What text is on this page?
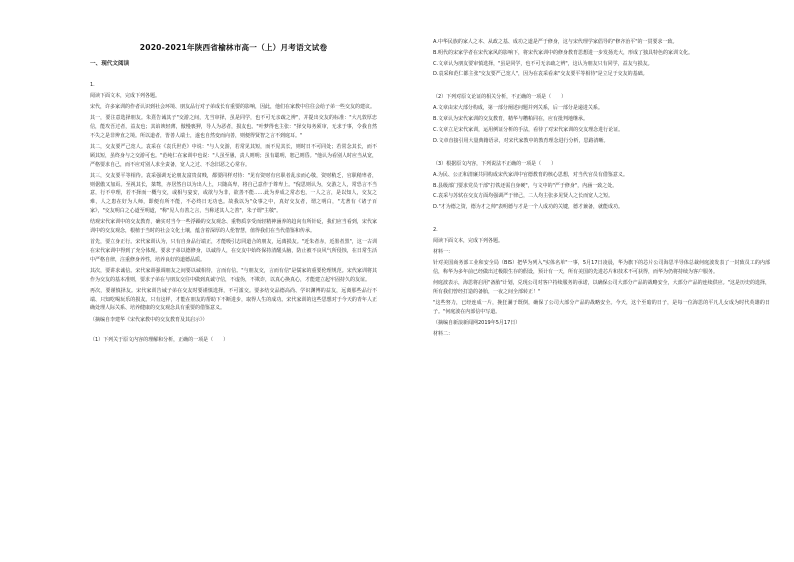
2020-2021年陕西省榆林市高一（上）月考语文试卷
一、现代文阅读

1.

阅读下面文本，完成下列各题。

宋代，许多家训的作者认识到社会环境、朋友品行对子弟成长有重要的影响，因此，他们在家教中往往会给子弟一些交友的建议。

其一，要注意选择朋友。朱熹告诫其子"交游之间，尤当审择，虽是同学，也不可无亲疏之辨"，并提出交友的标准："大凡敦厚忠信，能攻吾过者，益友也；其谄谀轻薄，傲慢亵狎，导人为恶者，损友也。"叶梦得也主张："择交每务须审，无求于事，令我自然不失之是非辨直之境。所以道者，皆善人端士，遂也自然变而向善，则便得贤智之言不到庭耳。"

其二，交友要严己宽人。袁采在《袁氏世范》中说："与人交游，若常见其短，而不见其长，则时日不可同处；若常念其长，而不顾其短，虽终身与之交游可也。"范纯仁在家训中也说："人虽至愚，责人则明；虽有聪明，恕己则昏。"他认为看别人时应当从宽，严格要求自己，而不应对别人求全责备，宽人之过、不念旧恶之心常存。

其三，交友要平等相待。袁采强调无论朋友富贵贫贱，都要同样对待："见有资财有官职者乱亲而心敬，资财稍乏，官职稍卑者，则倨傲又加焉。至视其长，桀骜，亦居然自以为出人上，只随高卑，将自己意作于尊卑上。"倪思则认为，交游之人，常恐言不当意，行不中理，若不择而一概与交，或相与宴安，或欲与为非，欲善不能……此为养成之常态也，一人之言，是以知人，交友之难，人之患在好为人师，即便有所不能，不必终日无功也。故我以为"众事之中，真好交友者，谓之明白，"尤著有《诸子百家》，"交友明白之心道至明道，"称"见人有善之言，当称述其人之善"，朱子谓"主敬"。

结观宋代家训中的交友教育，确实对当今一些浮躁的交友观念、重物质享受而轻精神涵养的趋向有所针砭，我们应当看到，宋代家训中的交友观念，根植于当时的社会文化土壤，蕴含着深厚的人伦智慧，值得我们在当代借鉴和传承。

首先，要立身正行。宋代家训认为，只有自身品行端正，才能吸引志同道合的朋友，远离损友。"近朱者赤，近墨者黑"，这一古训在宋代家训中得到了充分体现。要求子弟以德修身，以诚待人，在交友中始终保持清醒头脑，防止被不良风气所侵蚀，在日常生活中严格自律，注重修身养性，培养良好的道德品质。

其次，要讲求诚信。宋代家训强调朋友之间要以诚相待，言而有信。"与朋友交，言而有信"是儒家的重要伦理规范。宋代家训将其作为交友的基本准则，要求子弟在与朋友交往中做到真诚守信，不虚伪，不欺诈，以真心换真心，才能建立起牢固持久的友谊。

再次，要谨慎择友。宋代家训告诫子弟在交友时要谨慎选择，不可滥交。要多结交品德高尚、学识渊博的益友，远离那些品行不端、只知吃喝玩乐的损友。只有这样，才能在朋友的帮助下不断进步，取得人生的成功。宋代家训的这些思想对于今天的青年人正确处理人际关系、培养健康的交友观念具有重要的借鉴意义。

（摘编自李建华《宋代家教中的交友教育及其启示》）

（1）下列关于原文内容的理解和分析，正确的一项是（　　）

A.中华民族的家人之本、从政之基、成功之道是严于修身，这与宋代理学家倡导的"修齐治平"的一贯要求一致。

B.明代的宋家学者在宋代家风的影响下，将宋代家训中的修身教育思想进一步发扬光大，形成了独具特色的家训文化。

C.文章认为朋友要审慎选择，"虽是同学，也不可无亲疏之辨"，这认为朋友只有同学，益友与损友。

D.袁采和范仁都主张"交友要严己宽人"，因为在袁采看来"交友要平等相待"是立足于交友的基础。

（2）下列对原文论证的相关分析，不正确的一项是（　　）

A.文章由宋大部分构成，第一部分阐述问题并列关系，后一部分是递进关系。

B.文章认为宋代家训的交友教育，精华与糟粕同在，应有批判地继承。

C.文章立足宋代家训，运用例证分析的手法，看待了对宋代家训的交友理念进行论证。

D.文章直接引用大量典籍语录，对宋代家教中的教育理念进行分析，思路清晰。

（3）根据原文内容，下列说法不正确的一项是（　　）

A.为民、公正和清廉共同构成宋代家训中官德教育的核心思想，对当代官员有借鉴意义。

B.县级部门要求党员干部"打铁还需自身硬"，与文中的"严于修身"，内涵一致之处。

C.袁采与苏轼在交友方面均强调严于律己，二人均主张多见贤人之长而宽人之短。

D."才为德之资，德为才之帅"表明德与才是一个人成功的关键，德才兼备，就能成功。

2.

阅读下面文本，完成下列各题。

材料一：

针对美国商务部工业和安全局（BIS）把华为列入"实体名单"一事，5月17日凌晨，华为旗下的芯片公司海思半导体总裁何庭波发表了一封致员工的内部信，称华为多年前已经做出过极限生存的假设，预计有一天，所有美国的先进芯片和技术不可获得，而华为仍将持续为客户服务。

何庭波表示，海思将启用"备胎"计划，兑现公司对客户持续服务的承诺，以确保公司大部分产品的战略安全，大部分产品的连续供应。"这是历史的选择，所有我们曾经打造的备胎，一夜之间全部转正！"

"这些努力，已经连成一片，挽狂澜于既倒，确保了公司大部分产品的战略安全。今天，这个至暗的日子，是每一位海思的平凡儿女成为时代英雄的日子。"何庭波在内部信中写道。

（摘编自新浪新闻网2019年5月17日）

材料二：
